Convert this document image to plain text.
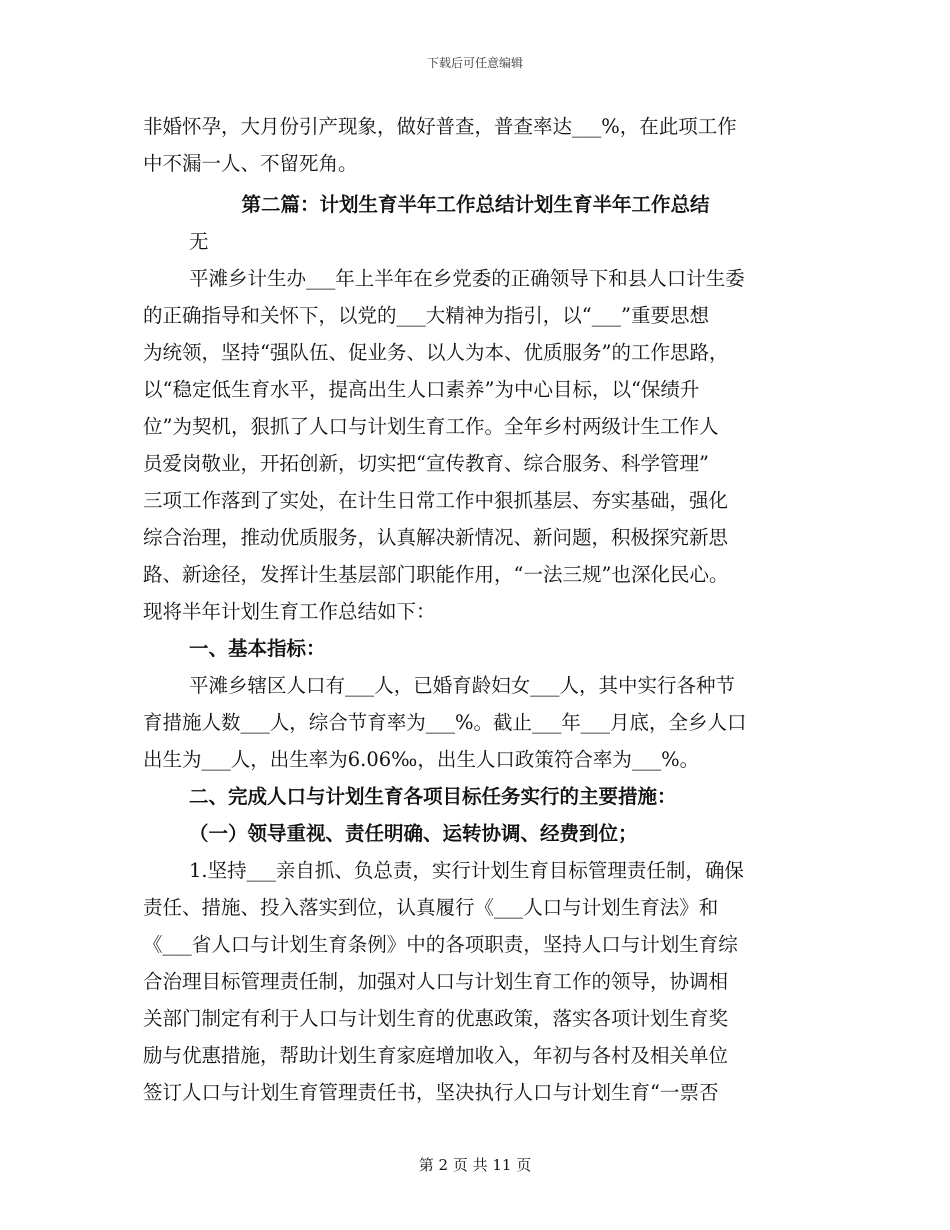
下载后可任意编辑
非婚怀孕，大月份引产现象，做好普查，普查率达___%，在此项工作
中不漏一人、不留死角。
第二篇：计划生育半年工作总结计划生育半年工作总结
无
平滩乡计生办___年上半年在乡党委的正确领导下和县人口计生委
的正确指导和关怀下，以党的___大精神为指引，以“___”重要思想
为统领，坚持“强队伍、促业务、以人为本、优质服务”的工作思路，
以“稳定低生育水平，提高出生人口素养”为中心目标，以“保绩升
位”为契机，狠抓了人口与计划生育工作。全年乡村两级计生工作人
员爱岗敬业，开拓创新，切实把“宣传教育、综合服务、科学管理”
三项工作落到了实处，在计生日常工作中狠抓基层、夯实基础，强化
综合治理，推动优质服务，认真解决新情况、新问题，积极探究新思
路、新途径，发挥计生基层部门职能作用，“一法三规”也深化民心。
现将半年计划生育工作总结如下：
一、基本指标：
平滩乡辖区人口有___人，已婚育龄妇女___人，其中实行各种节
育措施人数___人，综合节育率为___%。截止___年___月底，全乡人口
出生为___人，出生率为6.06‰，出生人口政策符合率为___%。
二、完成人口与计划生育各项目标任务实行的主要措施：
（一）领导重视、责任明确、运转协调、经费到位；
1.坚持___亲自抓、负总责，实行计划生育目标管理责任制，确保
责任、措施、投入落实到位，认真履行《___人口与计划生育法》和
《___省人口与计划生育条例》中的各项职责，坚持人口与计划生育综
合治理目标管理责任制，加强对人口与计划生育工作的领导，协调相
关部门制定有利于人口与计划生育的优惠政策，落实各项计划生育奖
励与优惠措施，帮助计划生育家庭增加收入，年初与各村及相关单位
签订人口与计划生育管理责任书，坚决执行人口与计划生育“一票否
第 2 页 共 11 页
